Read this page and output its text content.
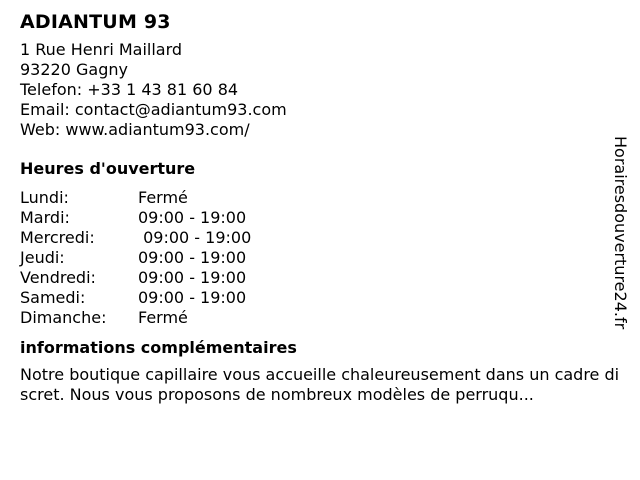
ADIANTUM 93
1 Rue Henri Maillard
93220 Gagny
Telefon: +33 1 43 81 60 84
Email: contact@adiantum93.com
Web: www.adiantum93.com/
Heures d'ouverture
Lundi:	Fermé
Mardi:	09:00 - 19:00
Mercredi:	09:00 - 19:00
Jeudi:	09:00 - 19:00
Vendredi:	09:00 - 19:00
Samedi:	09:00 - 19:00
Dimanche:	Fermé
informations complémentaires
Notre boutique capillaire vous accueille chaleureusement dans un cadre discret. Nous vous proposons de nombreux modèles de perruqu...
Horairesdouverture24.fr
